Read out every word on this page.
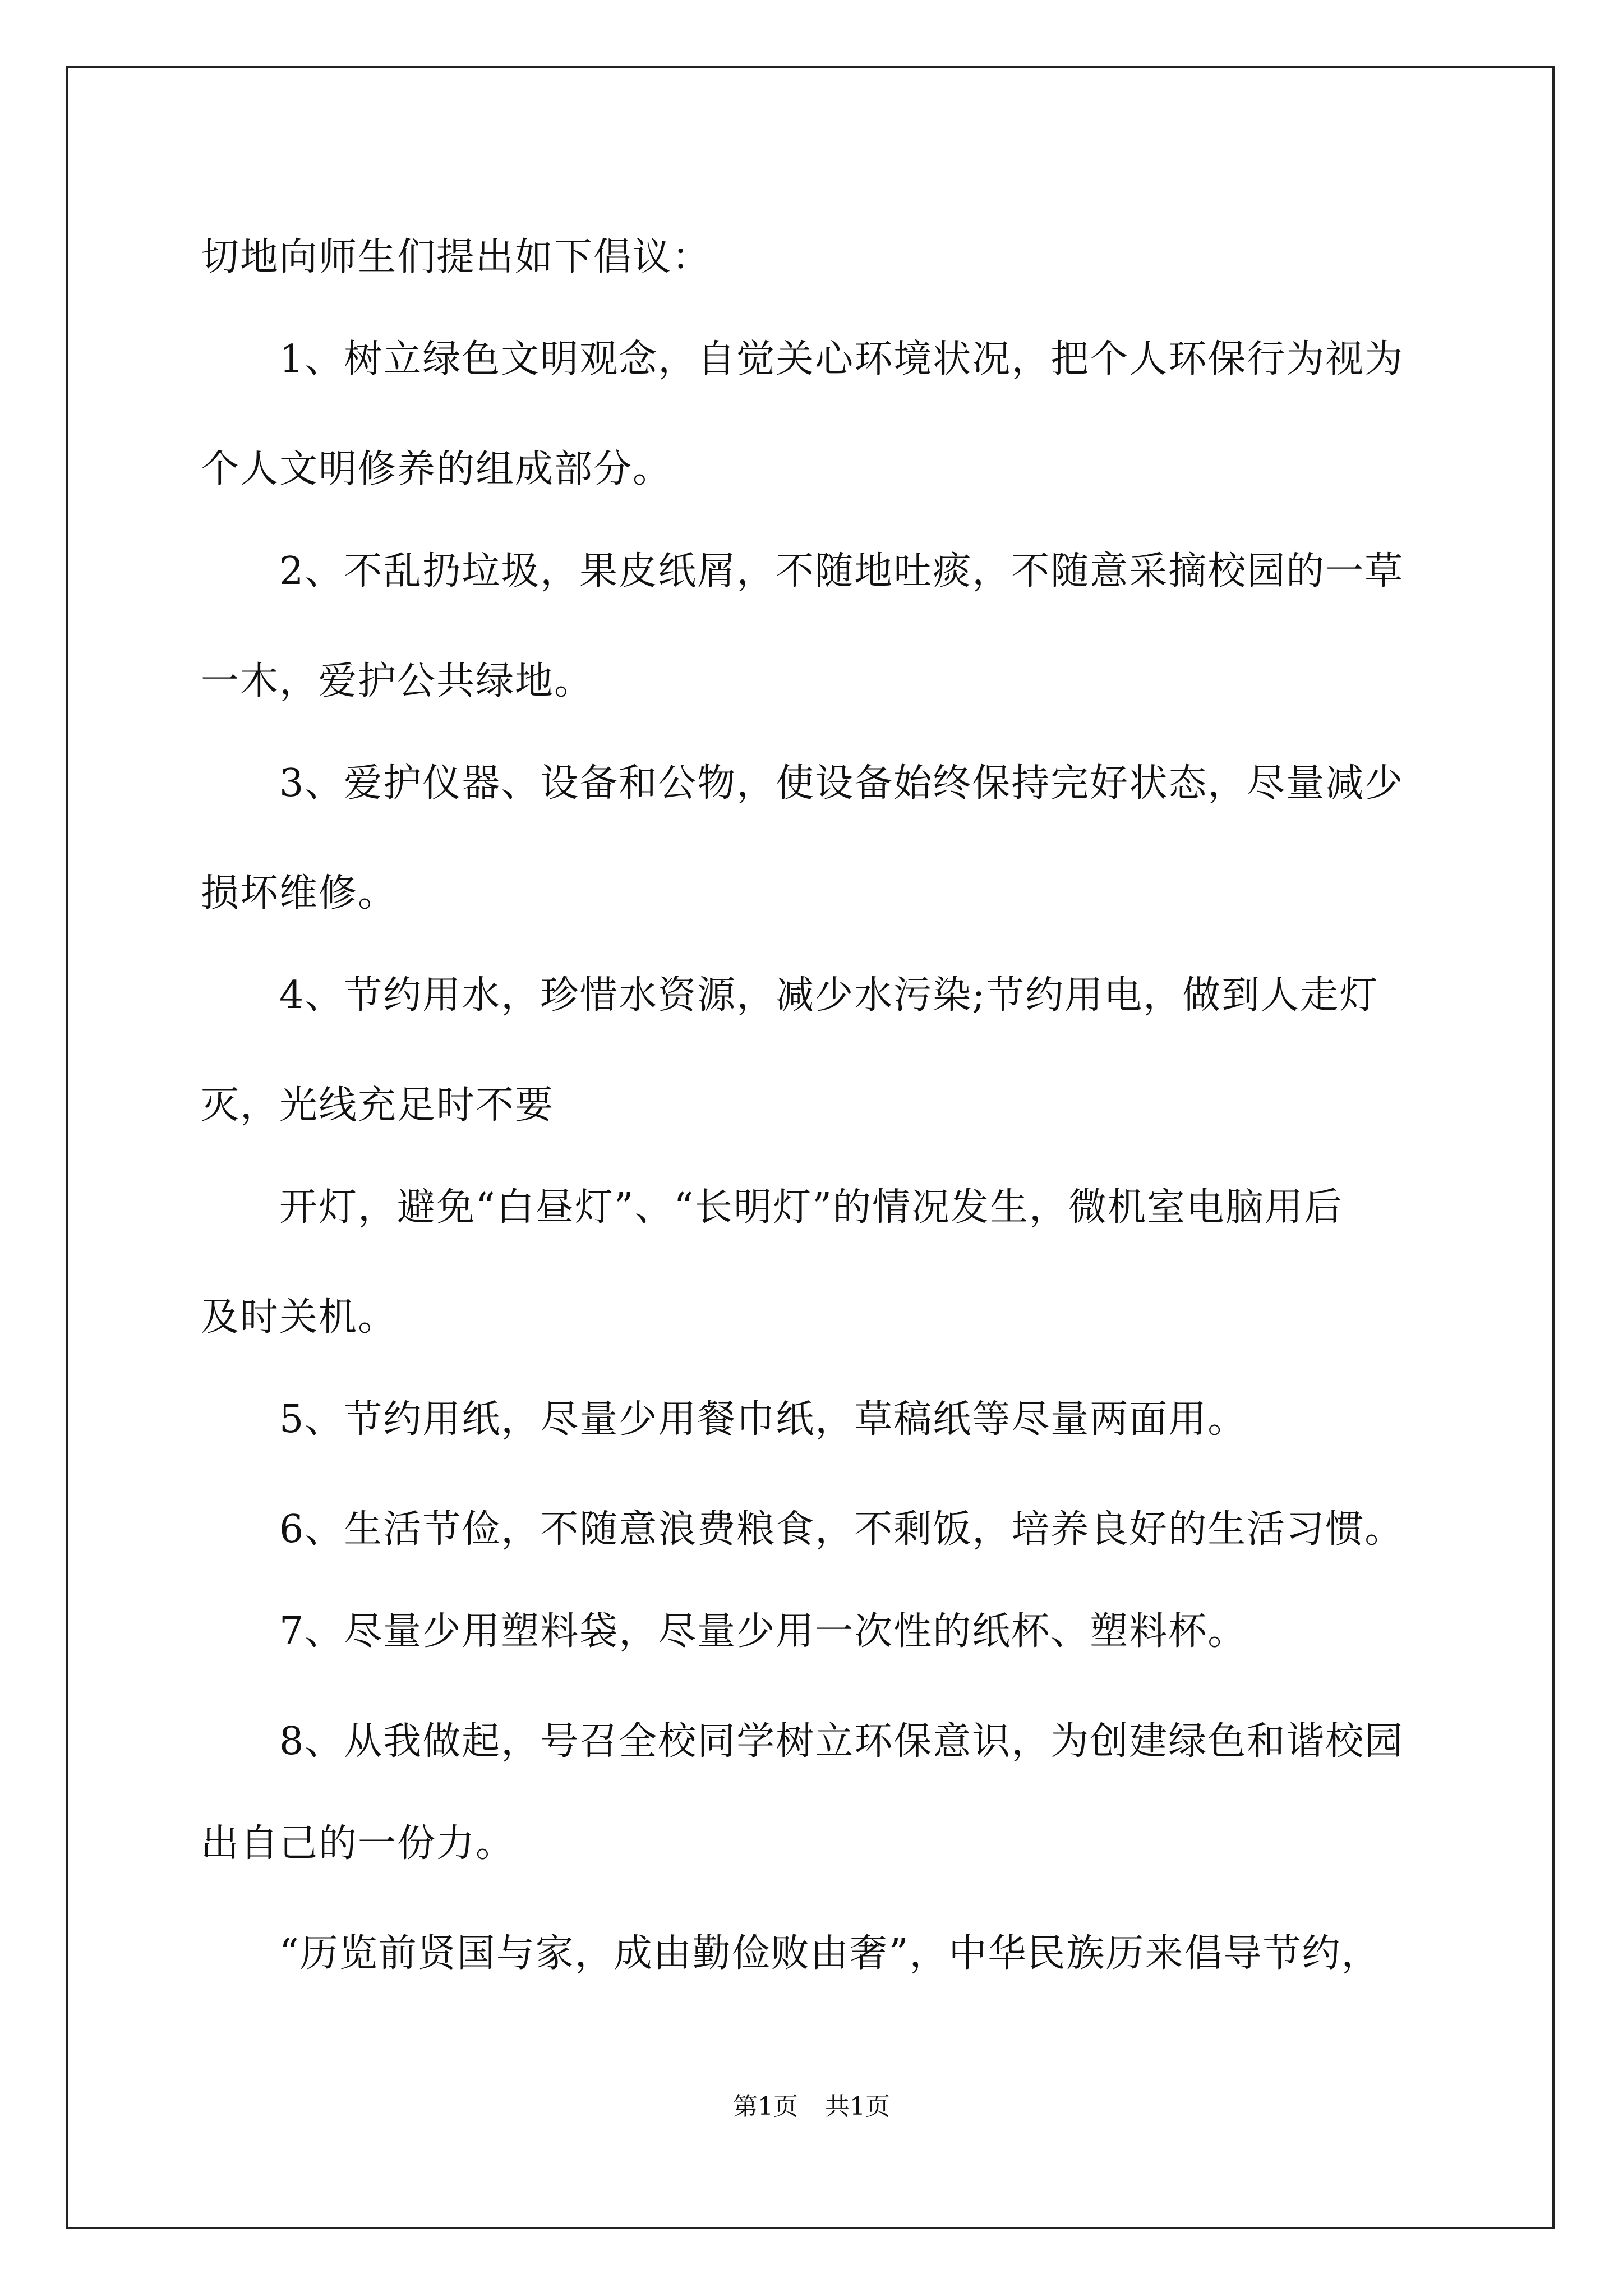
切地向师生们提出如下倡议：
1、树立绿色文明观念，自觉关心环境状况，把个人环保行为视为
个人文明修养的组成部分。
2、不乱扔垃圾，果皮纸屑，不随地吐痰，不随意采摘校园的一草
一木，爱护公共绿地。
3、爱护仪器、设备和公物，使设备始终保持完好状态，尽量减少
损坏维修。
4、节约用水，珍惜水资源，减少水污染;节约用电，做到人走灯
灭，光线充足时不要
开灯，避免“白昼灯”、“长明灯”的情况发生，微机室电脑用后
及时关机。
5、节约用纸，尽量少用餐巾纸，草稿纸等尽量两面用。
6、生活节俭，不随意浪费粮食，不剩饭，培养良好的生活习惯。
7、尽量少用塑料袋，尽量少用一次性的纸杯、塑料杯。
8、从我做起，号召全校同学树立环保意识，为创建绿色和谐校园
出自己的一份力。
“历览前贤国与家，成由勤俭败由奢”，中华民族历来倡导节约，
第1页 共1页
